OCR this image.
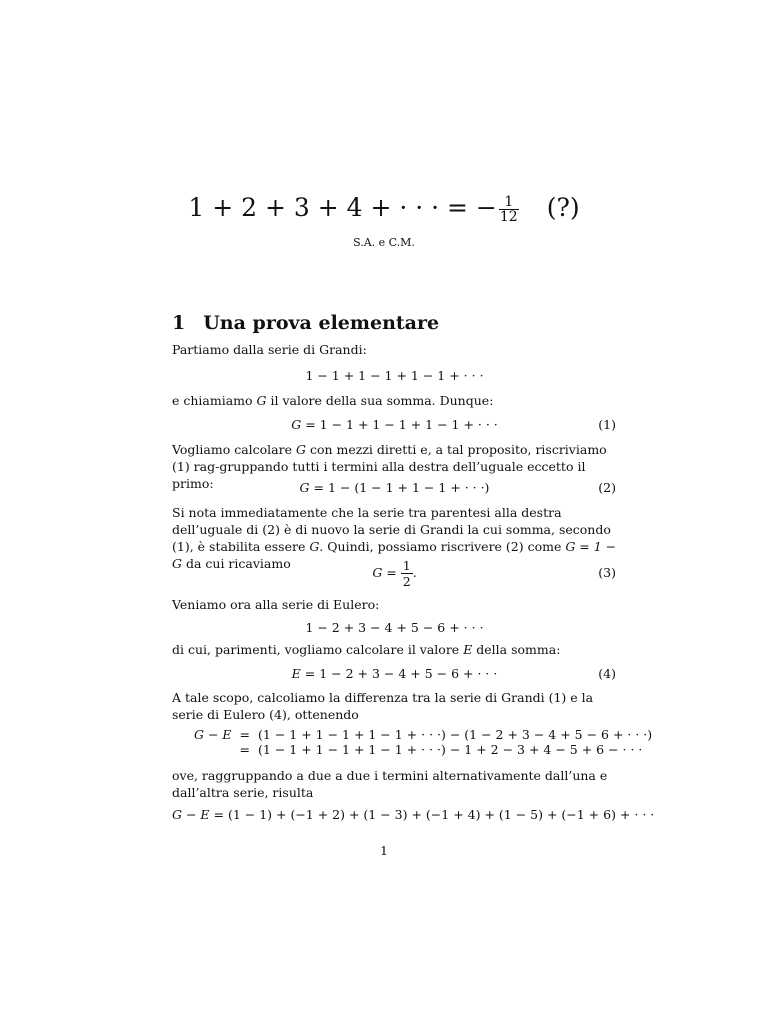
1 + 2 + 3 + 4 + · · · = − $\frac{1}{12}$ (?)
S.A. e C.M.
1 Una prova elementare
Partiamo dalla serie di Grandi:
1 − 1 + 1 − 1 + 1 − 1 + · · ·
e chiamiamo G il valore della sua somma. Dunque:
G = 1 − 1 + 1 − 1 + 1 − 1 + · · ·	(1)
Vogliamo calcolare G con mezzi diretti e, a tal proposito, riscriviamo (1) rag-gruppando tutti i termini alla destra dell’uguale eccetto il primo:	G = 1 − (1 − 1 + 1 − 1 + · · ·)	(2)
Si nota immediatamente che la serie tra parentesi alla destra dell’uguale di (2) è di nuovo la serie di Grandi la cui somma, secondo (1), è stabilita essere G. Quindi, possiamo riscrivere (2) come G = 1 − G da cui ricaviamo
$G = \frac{1}{2}$ .	(3)
Veniamo ora alla serie di Eulero:
1 − 2 + 3 − 4 + 5 − 6 + · · ·
di cui, parimenti, vogliamo calcolare il valore E della somma:
E = 1 − 2 + 3 − 4 + 5 − 6 + · · ·	(4)
A tale scopo, calcoliamo la differenza tra la serie di Grandi (1) e la serie di Eulero (4), ottenendo
G − E	=	(1 − 1 + 1 − 1 + 1 − 1 + · · ·) − (1 − 2 + 3 − 4 + 5 − 6 + · · ·)
	=	(1 − 1 + 1 − 1 + 1 − 1 + · · ·) − 1 + 2 − 3 + 4 − 5 + 6 − · · ·
ove, raggruppando a due a due i termini alternativamente dall’una e dall’altra serie, risulta
G − E = (1 − 1) + (−1 + 2) + (1 − 3) + (−1 + 4) + (1 − 5) + (−1 + 6) + · · ·
1
